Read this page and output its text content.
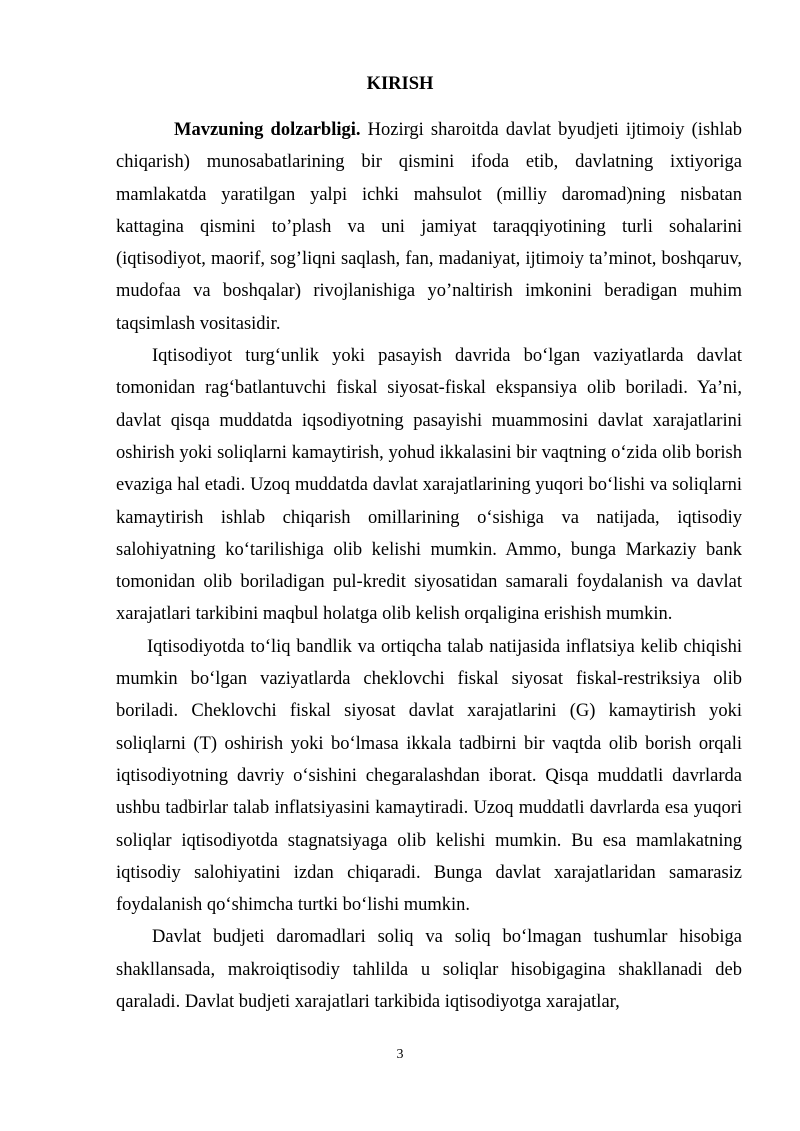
KIRISH

Mavzuning dolzarbligi. Hozirgi sharoitda davlat byudjeti ijtimoiy (ishlab chiqarish) munosabatlarining bir qismini ifoda etib, davlatning ixtiyoriga mamlakatda yaratilgan yalpi ichki mahsulot (milliy daromad)ning nisbatan kattagina qismini to’plash va uni jamiyat taraqqiyotining turli sohalarini (iqtisodiyot, maorif, sog’liqni saqlash, fan, madaniyat, ijtimoiy ta’minot, boshqaruv, mudofaa va boshqalar) rivojlanishiga yo’naltirish imkonini beradigan muhim taqsimlash vositasidir.

Iqtisodiyot turg‘unlik yoki pasayish davrida bo‘lgan vaziyatlarda davlat tomonidan rag‘batlantuvchi fiskal siyosat-fiskal ekspansiya olib boriladi. Ya’ni, davlat qisqa muddatda iqsodiyotning pasayishi muammosini davlat xarajatlarini oshirish yoki soliqlarni kamaytirish, yohud ikkalasini bir vaqtning o‘zida olib borish evaziga hal etadi. Uzoq muddatda davlat xarajatlarining yuqori bo‘lishi va soliqlarni kamaytirish ishlab chiqarish omillarining o‘sishiga va natijada, iqtisodiy salohiyatning ko‘tarilishiga olib kelishi mumkin. Ammo, bunga Markaziy bank tomonidan olib boriladigan pul-kredit siyosatidan samarali foydalanish va davlat xarajatlari tarkibini maqbul holatga olib kelish orqaligina erishish mumkin.

Iqtisodiyotda to‘liq bandlik va ortiqcha talab natijasida inflatsiya kelib chiqishi mumkin bo‘lgan vaziyatlarda cheklovchi fiskal siyosat fiskal-restriksiya olib boriladi. Cheklovchi fiskal siyosat davlat xarajatlarini (G) kamaytirish yoki soliqlarni (T) oshirish yoki bo‘lmasa ikkala tadbirni bir vaqtda olib borish orqali iqtisodiyotning davriy o‘sishini chegaralashdan iborat. Qisqa muddatli davrlarda ushbu tadbirlar talab inflatsiyasini kamaytiradi. Uzoq muddatli davrlarda esa yuqori soliqlar iqtisodiyotda stagnatsiyaga olib kelishi mumkin. Bu esa mamlakatning iqtisodiy salohiyatini izdan chiqaradi. Bunga davlat xarajatlaridan samarasiz foydalanish qo‘shimcha turtki bo‘lishi mumkin.

Davlat budjeti daromadlari soliq va soliq bo‘lmagan tushumlar hisobiga shakllansada, makroiqtisodiy tahlilda u soliqlar hisobigagina shakllanadi deb qaraladi. Davlat budjeti xarajatlari tarkibida iqtisodiyotga xarajatlar,

3
